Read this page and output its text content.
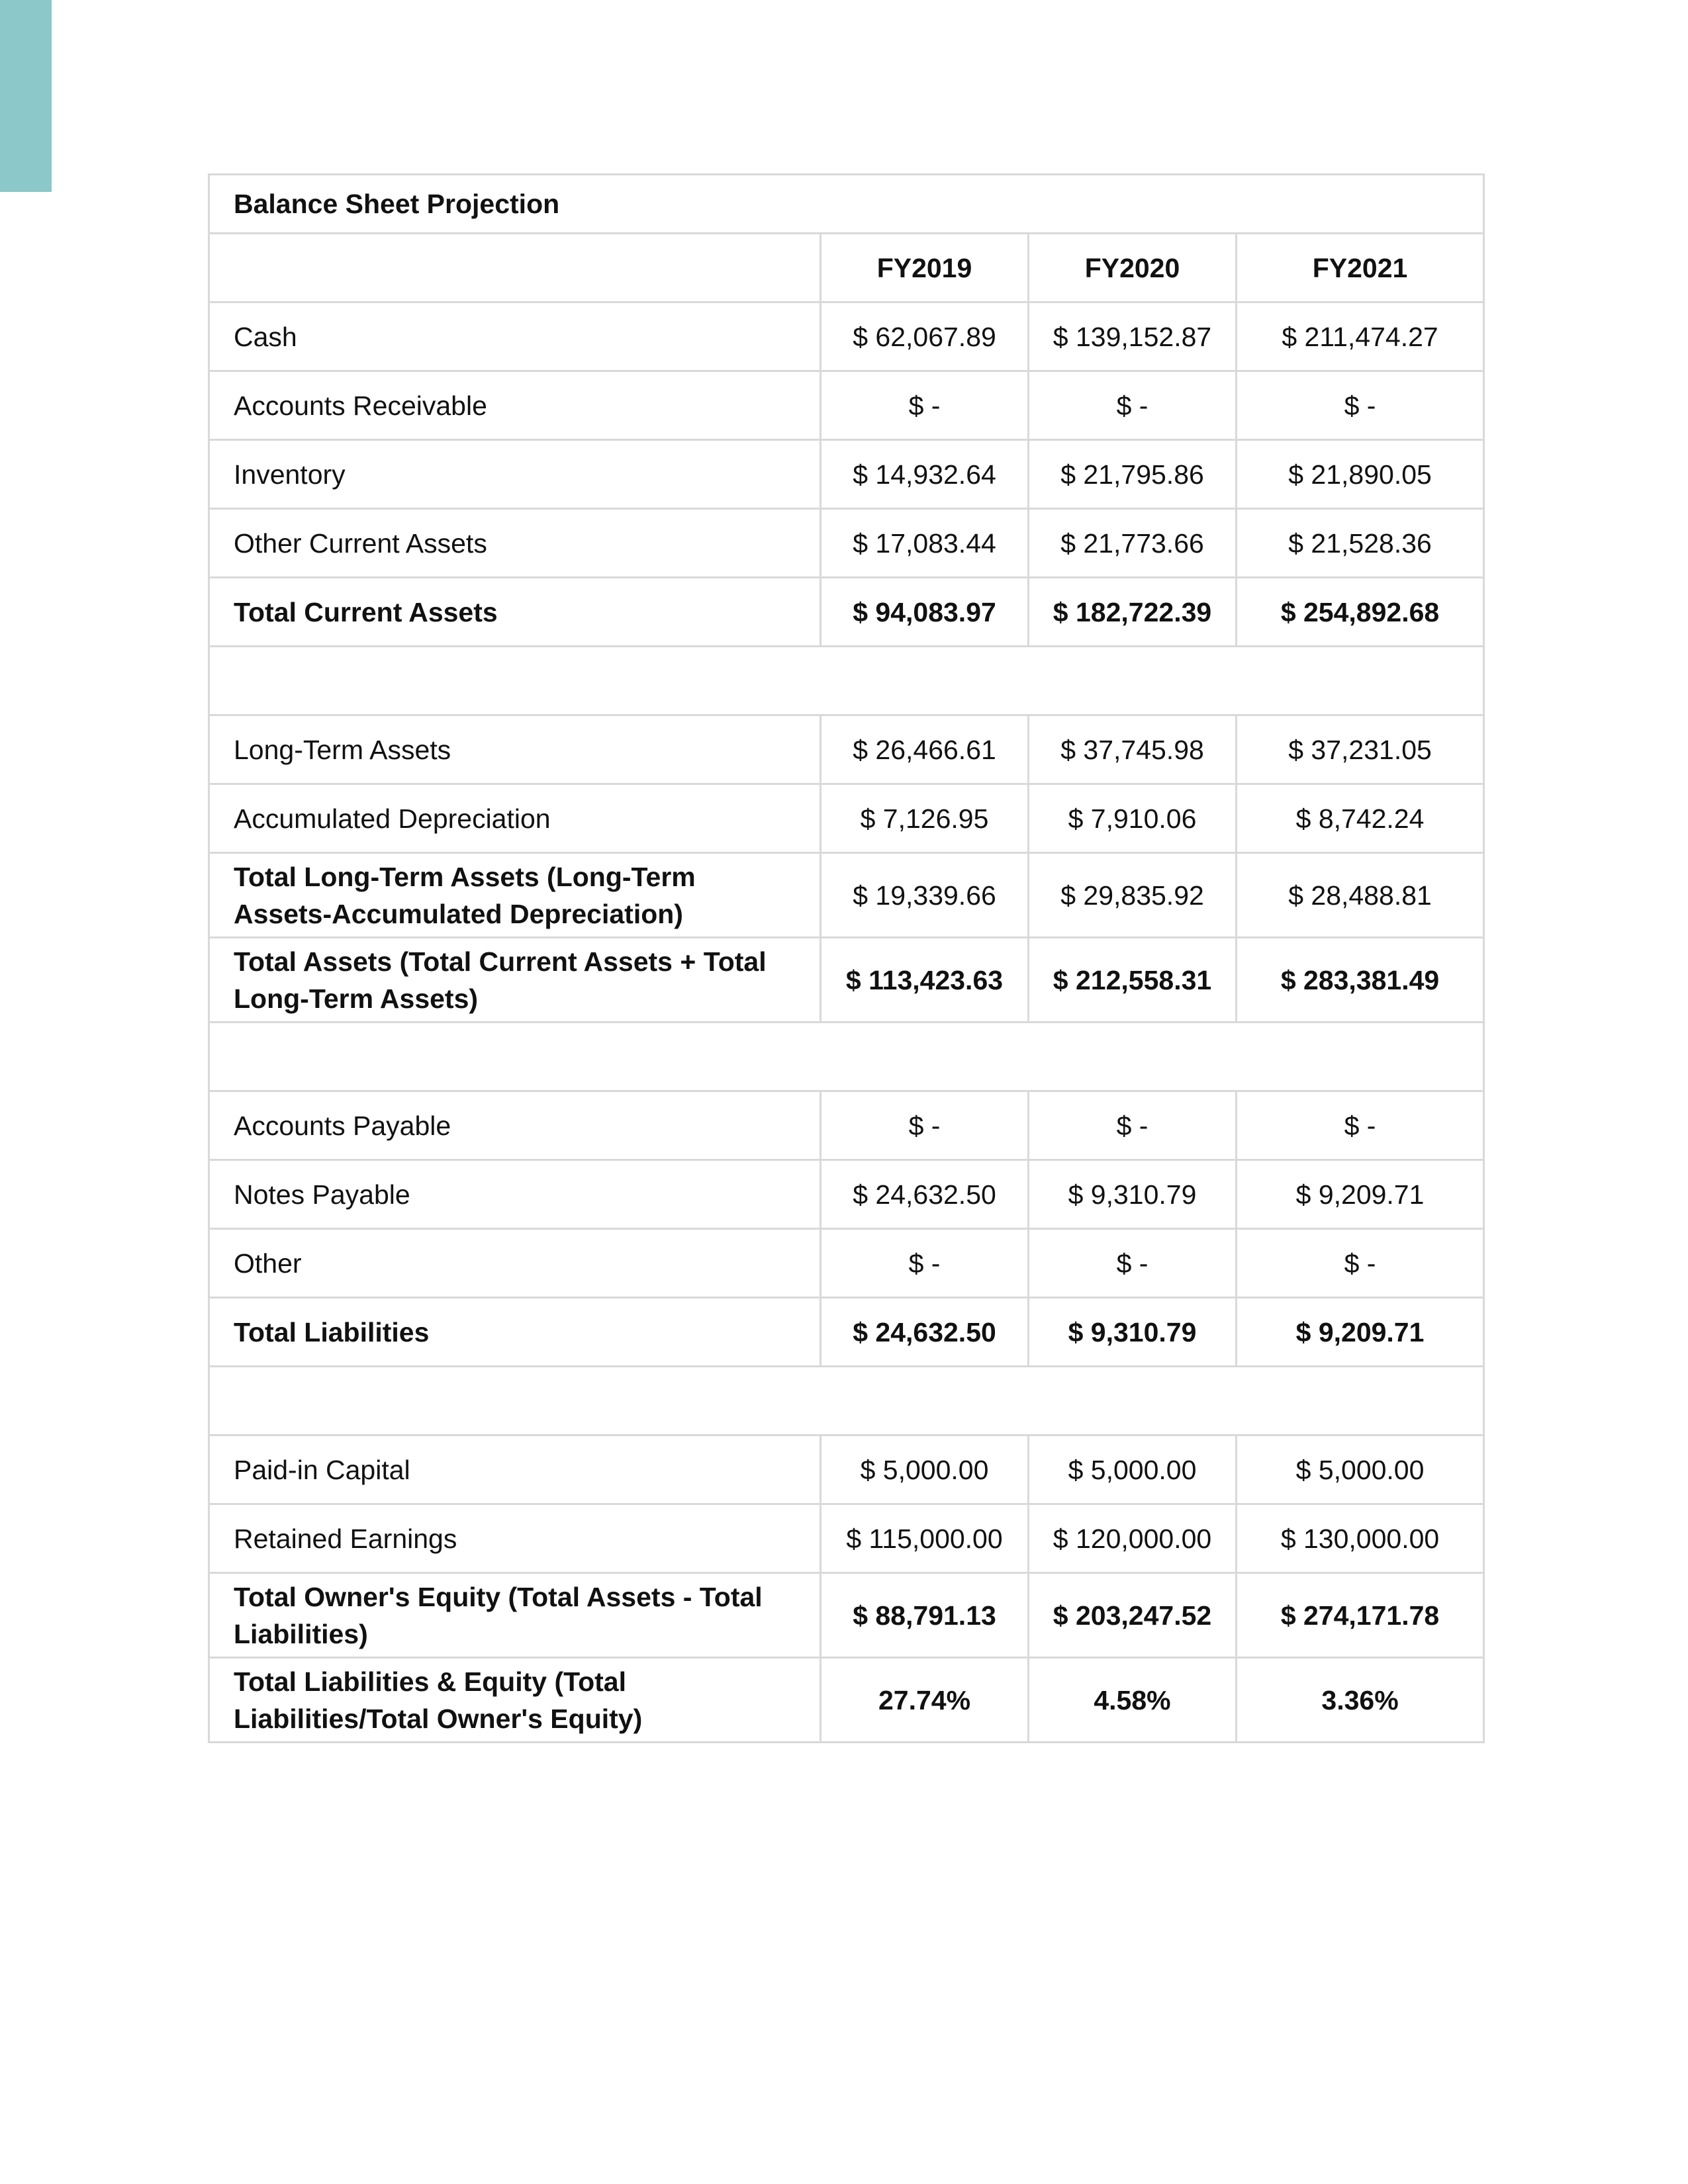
Balance Sheet Projection			
	FY2019	FY2020	FY2021
Cash	$ 62,067.89	$ 139,152.87	$ 211,474.27
Accounts Receivable	$ -	$ -	$ -
Inventory	$ 14,932.64	$ 21,795.86	$ 21,890.05
Other Current Assets	$ 17,083.44	$ 21,773.66	$ 21,528.36
Total Current Assets	$ 94,083.97	$ 182,722.39	$ 254,892.68

Long-Term Assets	$ 26,466.61	$ 37,745.98	$ 37,231.05
Accumulated Depreciation	$ 7,126.95	$ 7,910.06	$ 8,742.24
Total Long-Term Assets (Long-Term Assets-Accumulated Depreciation)	$ 19,339.66	$ 29,835.92	$ 28,488.81
Total Assets (Total Current Assets + Total Long-Term Assets)	$ 113,423.63	$ 212,558.31	$ 283,381.49

Accounts Payable	$ -	$ -	$ -
Notes Payable	$ 24,632.50	$ 9,310.79	$ 9,209.71
Other	$ -	$ -	$ -
Total Liabilities	$ 24,632.50	$ 9,310.79	$ 9,209.71

Paid-in Capital	$ 5,000.00	$ 5,000.00	$ 5,000.00
Retained Earnings	$ 115,000.00	$ 120,000.00	$ 130,000.00
Total Owner's Equity (Total Assets - Total Liabilities)	$ 88,791.13	$ 203,247.52	$ 274,171.78
Total Liabilities & Equity (Total Liabilities/Total Owner's Equity)	27.74%	4.58%	3.36%
